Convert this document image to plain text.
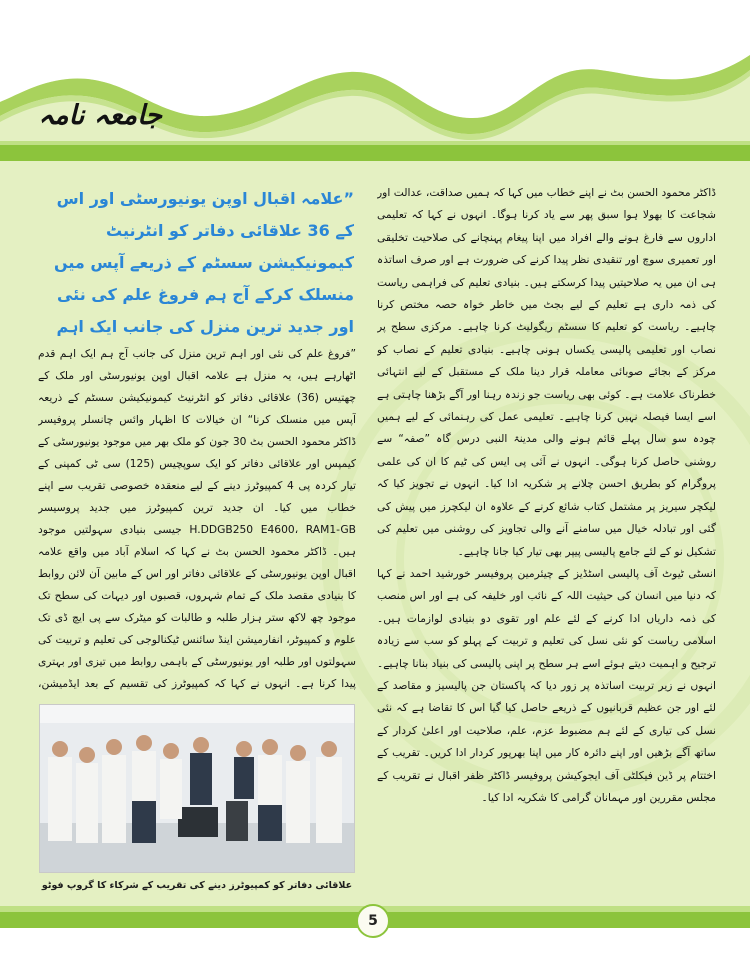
جامعہ نامہ
”علامہ اقبال اوپن یونیورسٹی اور اس کے 36 علاقائی دفاتر کو انٹرنیٹ کیمونیکیشن سسٹم کے ذریعے آپس میں منسلک کرکے آج ہم فروغ علم کی نئی اور جدید ترین منزل کی جانب ایک اہم

”فروغ علم کی نئی اور اہم ترین منزل کی جانب آج ہم ایک اہم قدم اٹھارہے ہیں، یہ منزل ہے علامہ اقبال اوپن یونیورسٹی اور ملک کے چھتیس (36) علاقائی دفاتر کو انٹرنیٹ کیمونیکیشن سسٹم کے ذریعہ آپس میں منسلک کرنا“ ان خیالات کا اظہار وائس چانسلر پروفیسر ڈاکٹر محمود الحسن بٹ 30 جون کو ملک بھر میں موجود یونیورسٹی کے کیمپس اور علاقائی دفاتر کو ایک سوپچیس (125) سی ٹی کمپنی کے تیار کردہ پی 4 کمپیوٹرز دینے کے لیے منعقدہ خصوصی تقریب سے اپنے خطاب میں کیا۔ ان جدید ترین کمپیوٹرز میں جدید پروسیسر H.DDGB250 E4600، RAM1-GB جیسی بنیادی سہولتیں موجود ہیں۔ ڈاکٹر محمود الحسن بٹ نے کہا کہ اسلام آباد میں واقع علامہ اقبال اوپن یونیورسٹی کے علاقائی دفاتر اور اس کے مابین آن لائن روابط کا بنیادی مقصد ملک کے تمام شہروں، قصبوں اور دیہات کی سطح تک موجود چھ لاکھ ستر ہزار طلبہ و طالبات کو میٹرک سے پی ایچ ڈی تک علوم و کمپیوٹر، انفارمیشن اینڈ سائنس ٹیکنالوجی کی تعلیم و تربیت کی سہولتوں اور طلبہ اور یونیورسٹی کے باہمی روابط میں تیزی اور بہتری پیدا کرنا ہے۔ انہوں نے کہا کہ کمپیوٹرز کی تقسیم کے بعد ایڈمیشن،

ڈاکٹر محمود الحسن بٹ نے اپنے خطاب میں کہا کہ ہمیں صداقت، عدالت اور شجاعت کا بھولا ہوا سبق پھر سے یاد کرنا ہوگا۔ انہوں نے کہا کہ تعلیمی اداروں سے فارغ ہونے والے افراد میں اپنا پیغام پہنچانے کی صلاحیت تخلیقی اور تعمیری سوچ اور تنقیدی نظر پیدا کرنے کی ضرورت ہے اور صرف اساتذہ ہی ان میں یہ صلاحیتیں پیدا کرسکتے ہیں۔ بنیادی تعلیم کی فراہمی ریاست کی ذمہ داری ہے تعلیم کے لیے بجٹ میں خاطر خواہ حصہ مختص کرنا چاہیے۔ ریاست کو تعلیم کا سسٹم ریگولیٹ کرنا چاہیے۔ مرکزی سطح پر نصاب اور تعلیمی پالیسی یکساں ہونی چاہیے۔ بنیادی تعلیم کے نصاب کو مرکز کے بجائے صوبائی معاملہ قرار دینا ملک کے مستقبل کے لیے انتہائی خطرناک علامت ہے۔ کوئی بھی ریاست جو زندہ رہنا اور آگے بڑھنا چاہتی ہے اسے ایسا فیصلہ نہیں کرنا چاہیے۔ تعلیمی عمل کی رہنمائی کے لیے ہمیں چودہ سو سال پہلے قائم ہونے والی مدینۃ النبی درس گاہ ”صفہ“ سے روشنی حاصل کرنا ہوگی۔ انہوں نے آئی پی ایس کی ٹیم کا ان کی علمی پروگرام کو بطریق احسن چلانے پر شکریہ ادا کیا۔ انہوں نے تجویز کیا کہ لیکچر سیریز پر مشتمل کتاب شائع کرنے کے علاوہ ان لیکچرز میں پیش کی گئی اور تبادلہ خیال میں سامنے آنے والی تجاویز کی روشنی میں تعلیم کی تشکیل نو کے لئے جامع پالیسی پیپر بھی تیار کیا جانا چاہیے۔

انسٹی ٹیوٹ آف پالیسی اسٹڈیز کے چیئرمین پروفیسر خورشید احمد نے کہا کہ دنیا میں انسان کی حیثیت اللہ کے نائب اور خلیفہ کی ہے اور اس منصب کی ذمہ داریاں ادا کرنے کے لئے علم اور تقوی دو بنیادی لوازمات ہیں۔ اسلامی ریاست کو نئی نسل کی تعلیم و تربیت کے پہلو کو سب سے زیادہ ترجیح و اہمیت دیتے ہوئے اسے ہر سطح پر اپنی پالیسی کی بنیاد بنانا چاہیے۔ انہوں نے زیر تربیت اساتذہ پر زور دیا کہ پاکستان جن پالیسیز و مقاصد کے لئے اور جن عظیم قربانیوں کے ذریعے حاصل کیا گیا اس کا تقاضا ہے کہ نئی نسل کی تیاری کے لئے ہم مضبوط عزم، علم، صلاحیت اور اعلیٰ کردار کے ساتھ آگے بڑھیں اور اپنے دائرہ کار میں اپنا بھرپور کردار ادا کریں۔ تقریب کے اختتام پر ڈین فیکلٹی آف ایجوکیشن پروفیسر ڈاکٹر ظفر اقبال نے تقریب کے مجلس مقررین اور مہمانان گرامی کا شکریہ ادا کیا۔

علاقائی دفاتر کو کمپیوٹرز دینے کی تقریب کے شرکاء کا گروپ فوٹو
5
